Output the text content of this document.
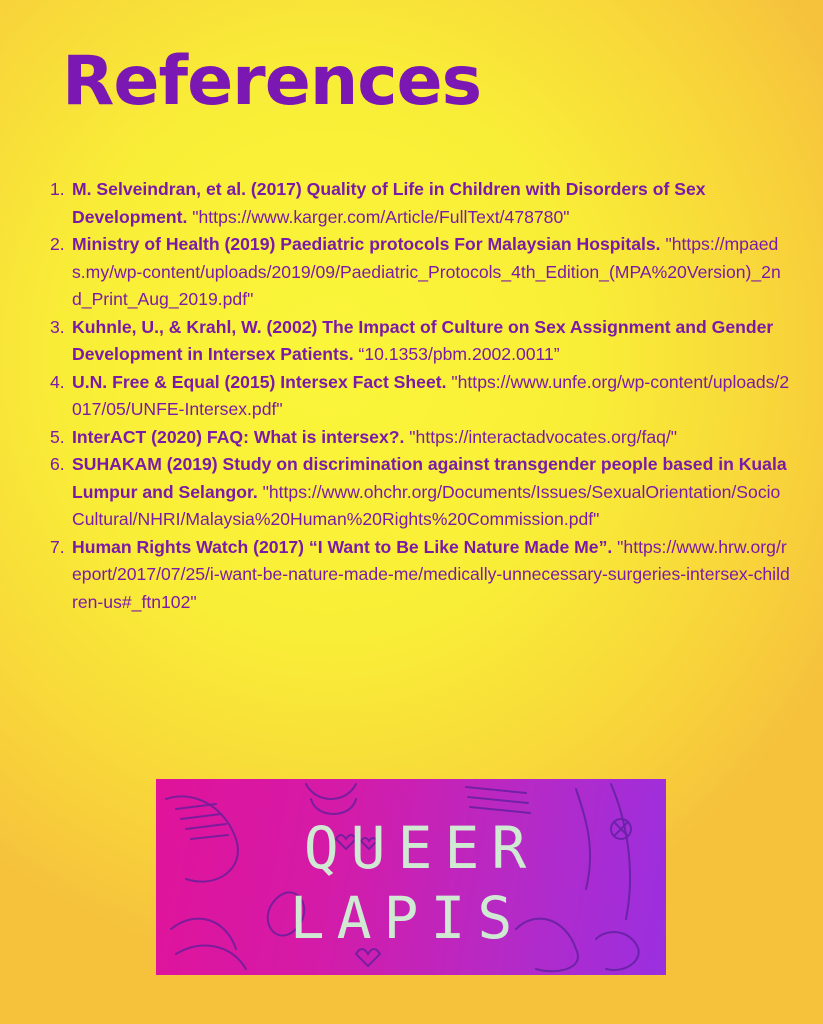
References
1. M. Selveindran, et al. (2017) Quality of Life in Children with Disorders of Sex Development. "https://www.karger.com/Article/FullText/478780"
2. Ministry of Health (2019) Paediatric protocols For Malaysian Hospitals. "https://mpaeds.my/wp-content/uploads/2019/09/Paediatric_Protocols_4th_Edition_(MPA%20Version)_2nd_Print_Aug_2019.pdf"
3. Kuhnle, U., & Krahl, W. (2002) The Impact of Culture on Sex Assignment and Gender Development in Intersex Patients. “10.1353/pbm.2002.0011”
4. U.N. Free & Equal (2015) Intersex Fact Sheet. "https://www.unfe.org/wp-content/uploads/2017/05/UNFE-Intersex.pdf"
5. InterACT (2020) FAQ: What is intersex?. "https://interactadvocates.org/faq/"
6. SUHAKAM (2019) Study on discrimination against transgender people based in Kuala Lumpur and Selangor. "https://www.ohchr.org/Documents/Issues/SexualOrientation/SocioCultural/NHRI/Malaysia%20Human%20Rights%20Commission.pdf"
7. Human Rights Watch (2017) “I Want to Be Like Nature Made Me”. "https://www.hrw.org/report/2017/07/25/i-want-be-nature-made-me/medically-unnecessary-surgeries-intersex-children-us#_ftn102"
QUEER
LAPIS
